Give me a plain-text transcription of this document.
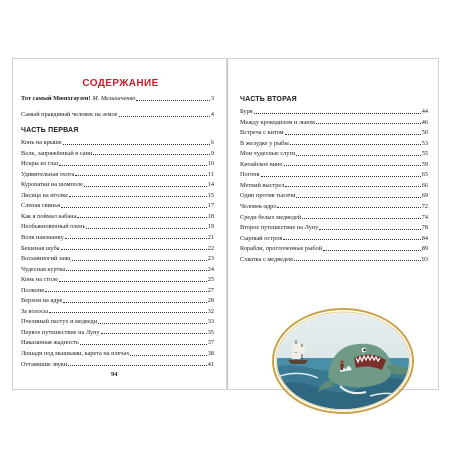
СОДЕРЖАНИЕ
Тот самый Мюнхгаузен! М. Мельниченко	3
Самый правдивый человек на земле	4
ЧАСТЬ ПЕРВАЯ
Конь на крыше	6
Волк, запряжённый в сани	9
Искры из глаз	10
Удивительная охота	11
Куропатки на шомполе	14
Лисица на иголке	15
Слепая свинья	17
Как я поймал кабана	18
Необыкновенный олень	19
Волк наизнанку	21
Бешеная шуба	22
Восьминогий заяц	23
Чудесная куртка	24
Конь на столе	25
Полконя	27
Верхом на ядре	28
За волосы	32
Пчелиный пастух и медведи	33
Первое путешествие на Луну	35
Наказанная жадность	37
Лошади под мышками, карета на плечах	38
Оттаявшие звуки	41
94
ЧАСТЬ ВТОРАЯ
Буря	44
Между крокодилом и львом	46
Встреча с китом	50
В желудке у рыбы	53
Мои чудесные слуги	55
Китайское вино	59
Погоня	65
Меткий выстрел	66
Один против тысячи	69
Человек-ядро	72
Среди белых медведей	74
Второе путешествие на Луну	78
Сырный остров	84
Корабли, проглоченные рыбой	89
Схватка с медведем	93
